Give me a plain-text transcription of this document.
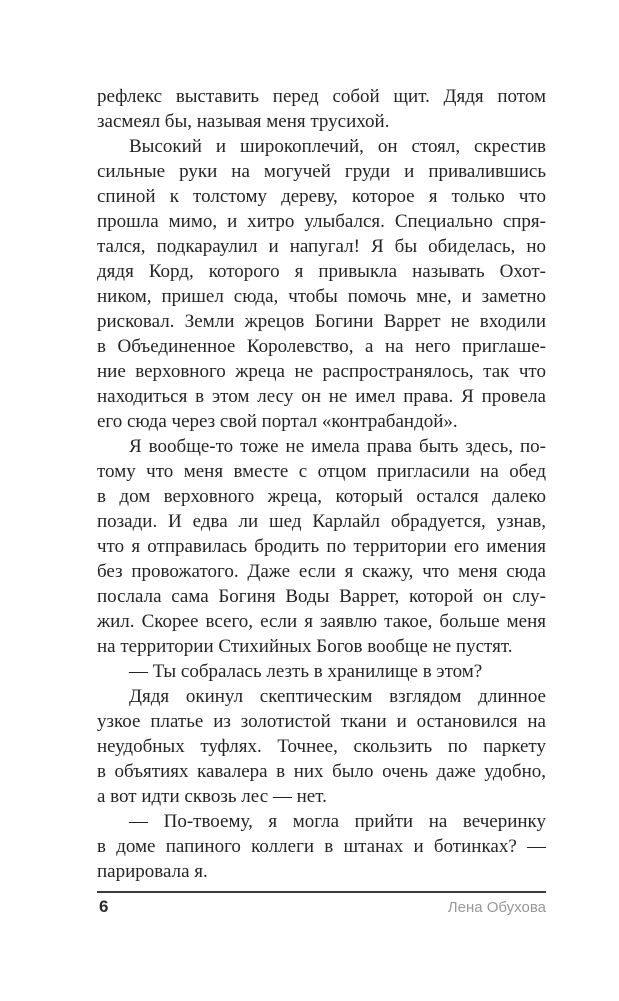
рефлекс выставить перед собой щит. Дядя потом
засмеял бы, называя меня трусихой.
Высокий и широкоплечий, он стоял, скрестив
сильные руки на могучей груди и привалившись
спиной к толстому дереву, которое я только что
прошла мимо, и хитро улыбался. Специально спря-
тался, подкараулил и напугал! Я бы обиделась, но
дядя Корд, которого я привыкла называть Охот-
ником, пришел сюда, чтобы помочь мне, и заметно
рисковал. Земли жрецов Богини Варрет не входили
в Объединенное Королевство, а на него приглаше-
ние верховного жреца не распространялось, так что
находиться в этом лесу он не имел права. Я провела
его сюда через свой портал «контрабандой».
Я вообще-то тоже не имела права быть здесь, по-
тому что меня вместе с отцом пригласили на обед
в дом верховного жреца, который остался далеко
позади. И едва ли шед Карлайл обрадуется, узнав,
что я отправилась бродить по территории его имения
без провожатого. Даже если я скажу, что меня сюда
послала сама Богиня Воды Варрет, которой он слу-
жил. Скорее всего, если я заявлю такое, больше меня
на территории Стихийных Богов вообще не пустят.
— Ты собралась лезть в хранилище в этом?
Дядя окинул скептическим взглядом длинное
узкое платье из золотистой ткани и остановился на
неудобных туфлях. Точнее, скользить по паркету
в объятиях кавалера в них было очень даже удобно,
а вот идти сквозь лес — нет.
— По-твоему, я могла прийти на вечеринку
в доме папиного коллеги в штанах и ботинках? —
парировала я.
6	Лена Обухова
